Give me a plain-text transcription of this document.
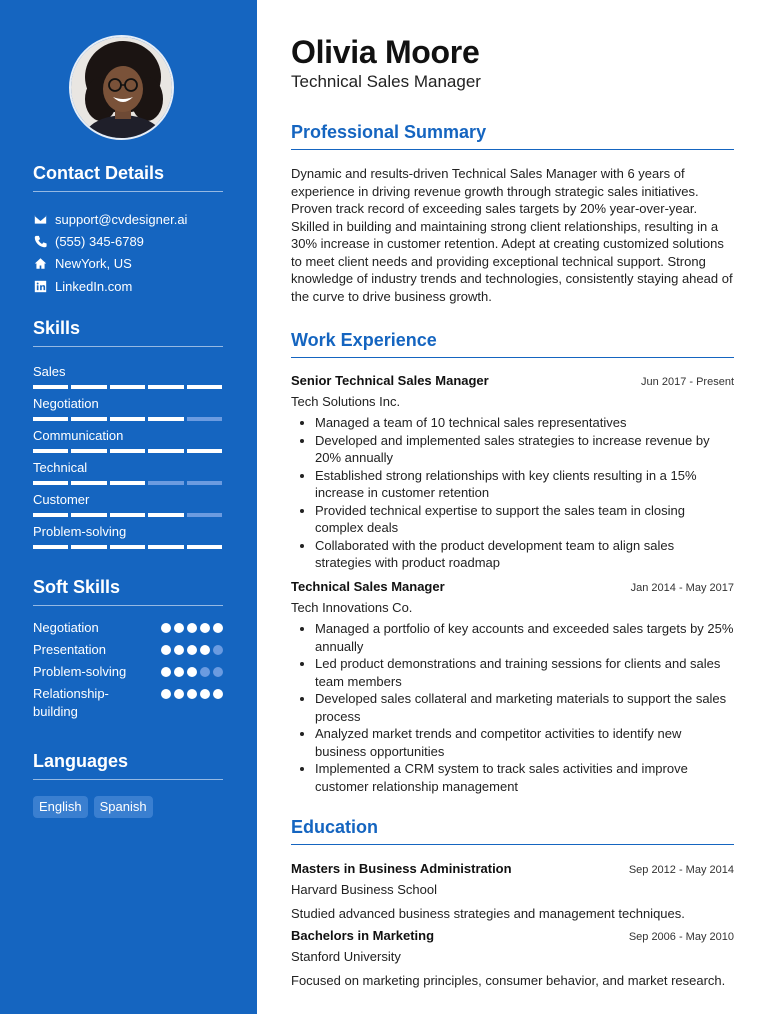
Contact Details
support@cvdesigner.ai
(555) 345-6789
NewYork, US
LinkedIn.com
Skills
Sales
Negotiation
Communication
Technical
Customer
Problem-solving
Soft Skills
Negotiation
Presentation
Problem-solving
Relationship-building
Languages
English	Spanish
Olivia Moore
Technical Sales Manager
Professional Summary
Dynamic and results-driven Technical Sales Manager with 6 years of experience in driving revenue growth through strategic sales initiatives. Proven track record of exceeding sales targets by 20% year-over-year. Skilled in building and maintaining strong client relationships, resulting in a 30% increase in customer retention. Adept at creating customized solutions to meet client needs and providing exceptional technical support. Strong knowledge of industry trends and technologies, consistently staying ahead of the curve to drive business growth.
Work Experience
Senior Technical Sales Manager	Jun 2017 - Present
Tech Solutions Inc.
• Managed a team of 10 technical sales representatives
• Developed and implemented sales strategies to increase revenue by 20% annually
• Established strong relationships with key clients resulting in a 15% increase in customer retention
• Provided technical expertise to support the sales team in closing complex deals
• Collaborated with the product development team to align sales strategies with product roadmap
Technical Sales Manager	Jan 2014 - May 2017
Tech Innovations Co.
• Managed a portfolio of key accounts and exceeded sales targets by 25% annually
• Led product demonstrations and training sessions for clients and sales team members
• Developed sales collateral and marketing materials to support the sales process
• Analyzed market trends and competitor activities to identify new business opportunities
• Implemented a CRM system to track sales activities and improve customer relationship management
Education
Masters in Business Administration	Sep 2012 - May 2014
Harvard Business School
Studied advanced business strategies and management techniques.
Bachelors in Marketing	Sep 2006 - May 2010
Stanford University
Focused on marketing principles, consumer behavior, and market research.
